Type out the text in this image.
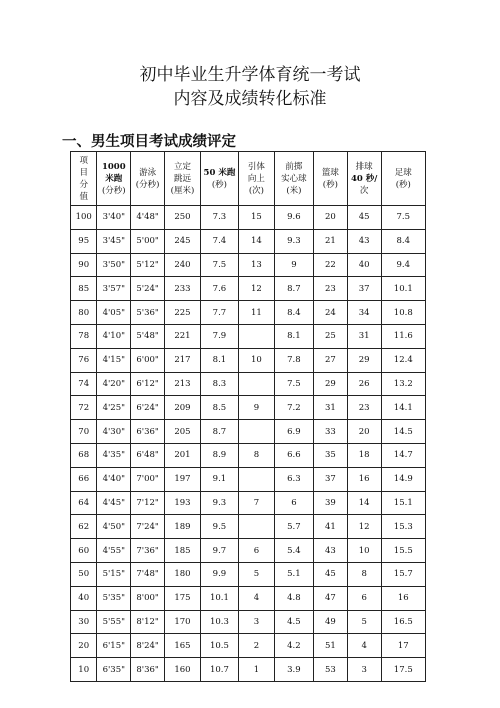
初中毕业生升学体育统一考试
内容及成绩转化标准
一、男生项目考试成绩评定
项
目
分
值	1000
米跑
(分秒)	游泳
(分秒)	立定
跳远
(厘米)	50 米跑
(秒)	引体
向上
(次)	前掷
实心球
(米)	篮球
(秒)	排球
40 秒/
次	足球
(秒)

100	3'40"	4'48"	250	7.3	15	9.6	20	45	7.5
95	3'45"	5'00"	245	7.4	14	9.3	21	43	8.4
90	3'50"	5'12"	240	7.5	13	9	22	40	9.4
85	3'57"	5'24"	233	7.6	12	8.7	23	37	10.1
80	4'05"	5'36"	225	7.7	11	8.4	24	34	10.8
78	4'10"	5'48"	221	7.9		8.1	25	31	11.6
76	4'15"	6'00"	217	8.1	10	7.8	27	29	12.4
74	4'20"	6'12"	213	8.3		7.5	29	26	13.2
72	4'25"	6'24"	209	8.5	9	7.2	31	23	14.1
70	4'30"	6'36"	205	8.7		6.9	33	20	14.5
68	4'35"	6'48"	201	8.9	8	6.6	35	18	14.7
66	4'40"	7'00"	197	9.1		6.3	37	16	14.9
64	4'45"	7'12"	193	9.3	7	6	39	14	15.1
62	4'50"	7'24"	189	9.5		5.7	41	12	15.3
60	4'55"	7'36"	185	9.7	6	5.4	43	10	15.5
50	5'15"	7'48"	180	9.9	5	5.1	45	8	15.7
40	5'35"	8'00"	175	10.1	4	4.8	47	6	16
30	5'55"	8'12"	170	10.3	3	4.5	49	5	16.5
20	6'15"	8'24"	165	10.5	2	4.2	51	4	17
10	6'35"	8'36"	160	10.7	1	3.9	53	3	17.5
